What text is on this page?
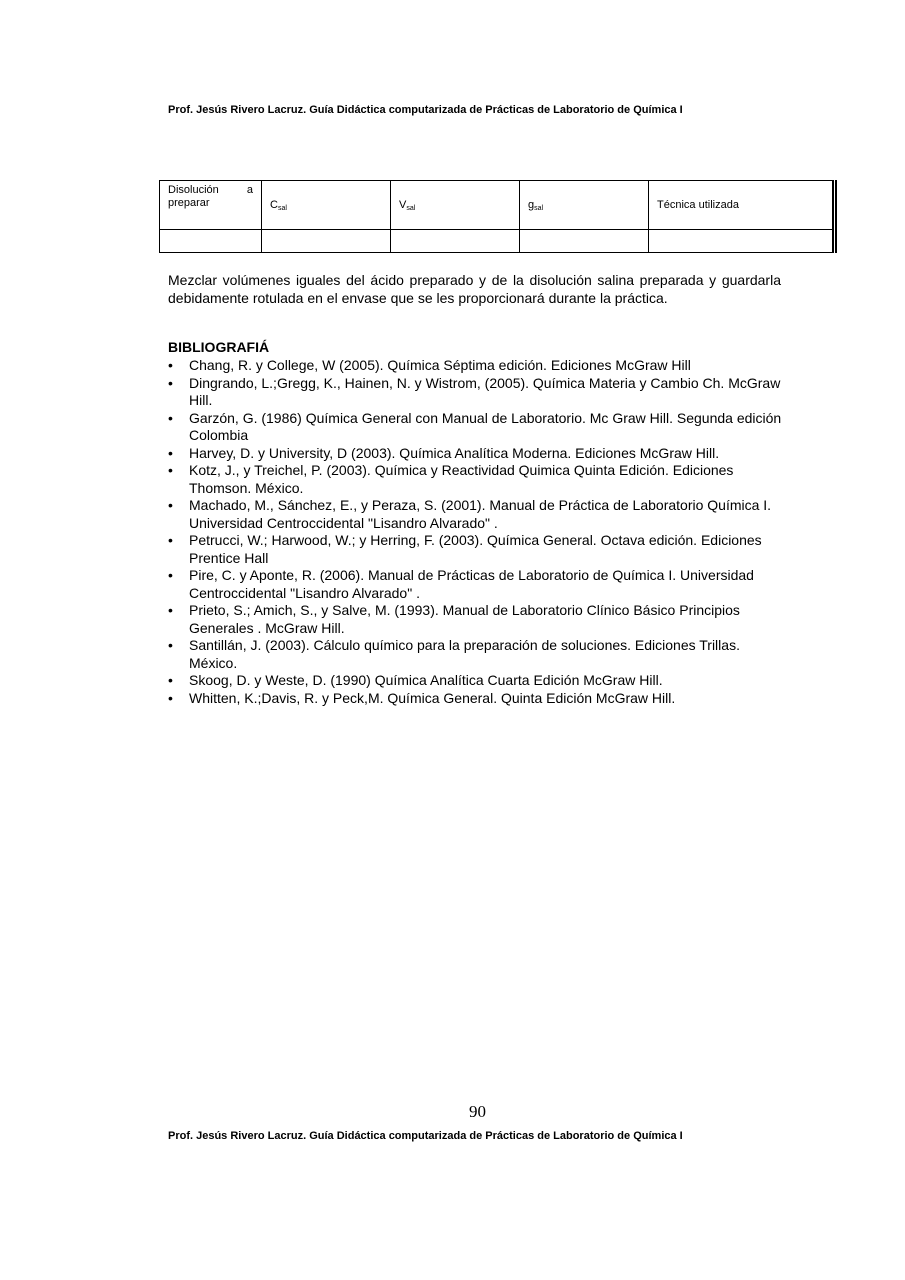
Prof. Jesús Rivero Lacruz. Guía Didáctica computarizada de Prácticas de Laboratorio de Química I
Disolución a
preparar	$C_{sal}$	$V_{sal}$	$g_{sal}$	Técnica utilizada

Mezclar volúmenes iguales del ácido preparado y de la disolución salina preparada y guardarla debidamente rotulada en el envase que se les proporcionará durante la práctica.
BIBLIOGRAFIÁ
• Chang, R. y College, W (2005). Química Séptima edición. Ediciones McGraw Hill
• Dingrando, L.;Gregg, K., Hainen, N. y Wistrom, (2005). Química Materia y Cambio Ch. McGraw Hill.
• Garzón, G. (1986) Química General con Manual de Laboratorio. Mc Graw Hill. Segunda edición Colombia
• Harvey, D. y University, D (2003). Química Analítica Moderna. Ediciones McGraw Hill.
• Kotz, J., y Treichel, P. (2003). Química y Reactividad Quimica Quinta Edición. Ediciones Thomson. México.
• Machado, M., Sánchez, E., y Peraza, S. (2001). Manual de Práctica de Laboratorio Química I. Universidad Centroccidental "Lisandro Alvarado" .
• Petrucci, W.; Harwood, W.; y Herring, F. (2003). Química General. Octava edición. Ediciones Prentice Hall
• Pire, C. y Aponte, R. (2006). Manual de Prácticas de Laboratorio de Química I. Universidad Centroccidental "Lisandro Alvarado" .
• Prieto, S.; Amich, S., y Salve, M. (1993). Manual de Laboratorio Clínico Básico Principios Generales . McGraw Hill.
• Santillán, J. (2003). Cálculo químico para la preparación de soluciones. Ediciones Trillas. México.
• Skoog, D. y Weste, D. (1990) Química Analítica Cuarta Edición McGraw Hill.
• Whitten, K.;Davis, R. y Peck,M. Química General. Quinta Edición McGraw Hill.
90
Prof. Jesús Rivero Lacruz. Guía Didáctica computarizada de Prácticas de Laboratorio de Química I
